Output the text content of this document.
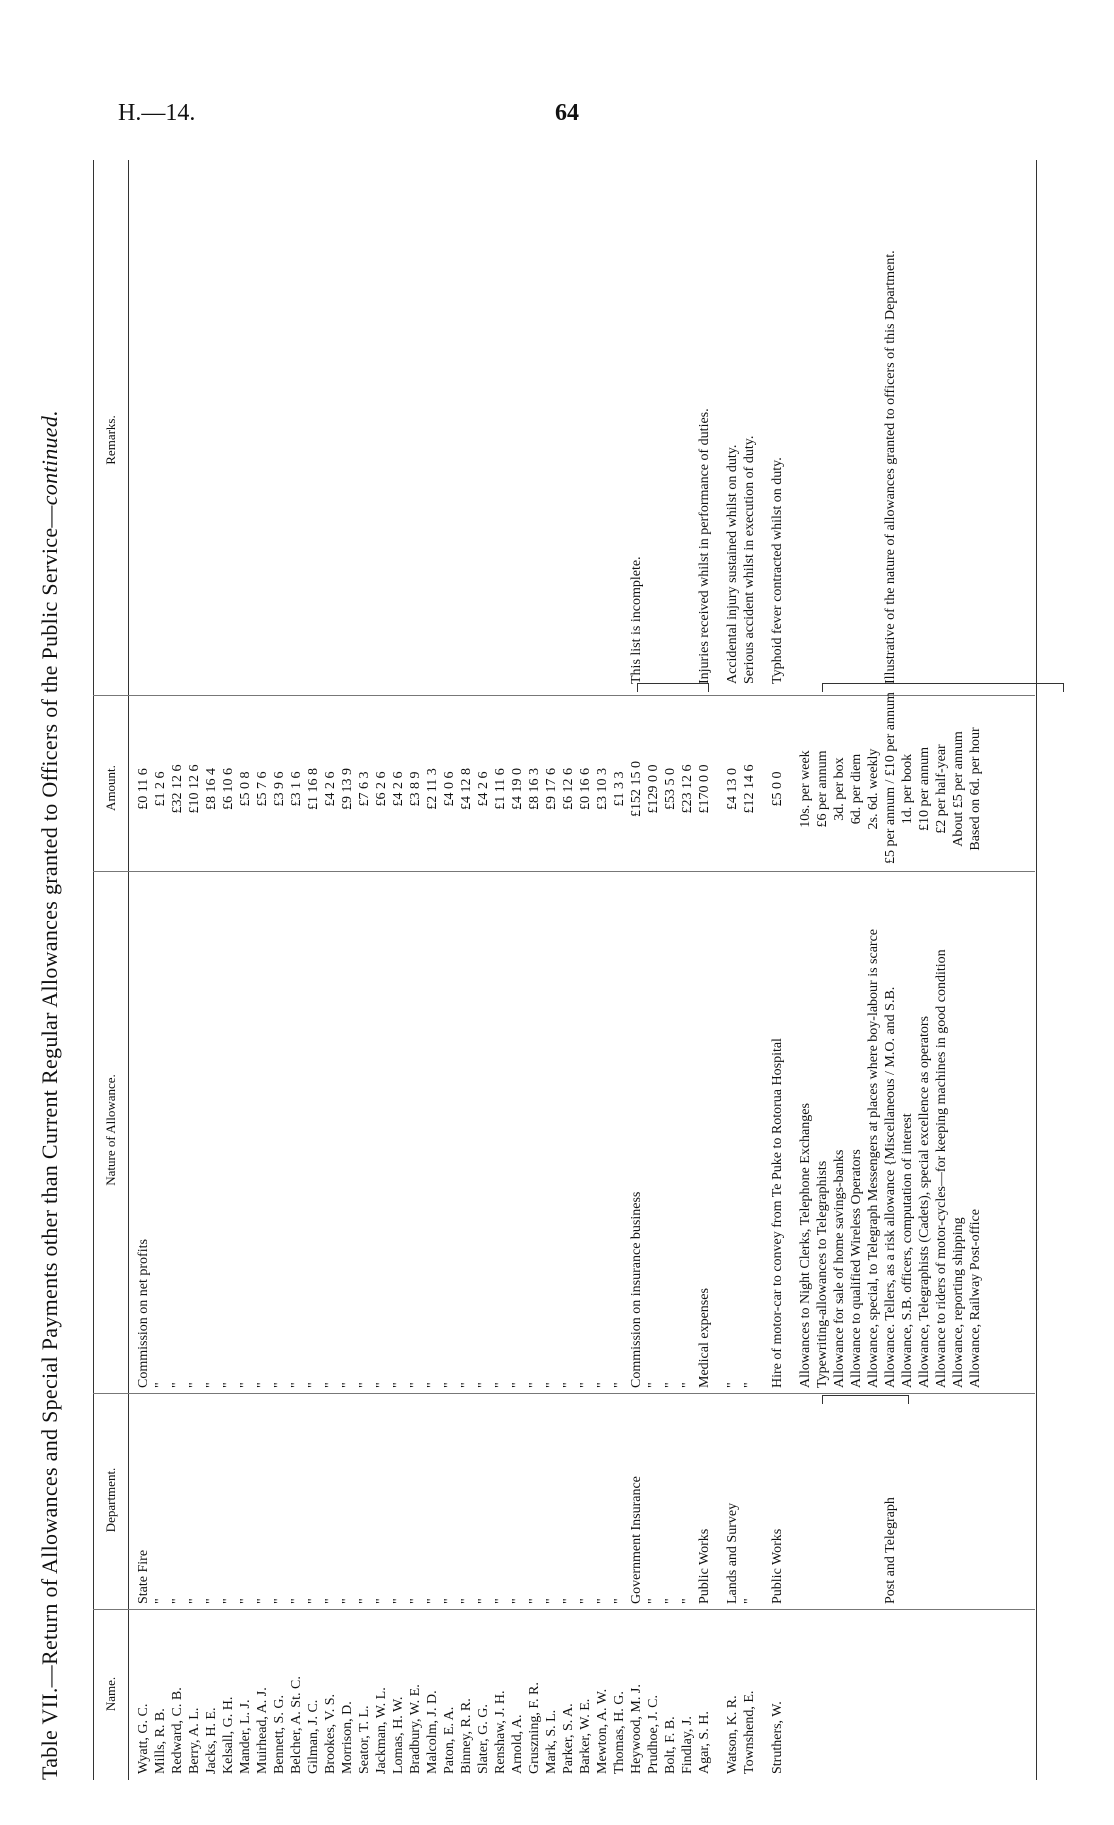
H.—14.	64
Table VII.—Return of Allowances and Special Payments other than Current Regular Allowances granted to Officers of the Public Service—continued.
Name.
Department.
Nature of Allowance.
Amount.
Remarks.
Wyatt, G. C.
State Fire
Commission on net profits
£0 11 6
Mills, R. B.
"
"
£1 2 6
Redward, C. B.
"
"
£32 12 6
Berry, A. L.
"
"
£10 12 6
Jacks, H. E.
"
"
£8 16 4
Kelsall, G. H.
"
"
£6 10 6
Mander, L. J.
"
"
£5 0 8
Muirhead, A. J.
"
"
£5 7 6
Bennett, S. G.
"
"
£3 9 6
Belcher, A. St. C.
"
"
£3 1 6
Gilman, J. C.
"
"
£1 16 8
Brookes, V. S.
"
"
£4 2 6
Morrison, D.
"
"
£9 13 9
Seator, T. L.
"
"
£7 6 3
Jackman, W. L.
"
"
£6 2 6
Lomas, H. W.
"
"
£4 2 6
Bradbury, W. E.
"
"
£3 8 9
Malcolm, J. D.
"
"
£2 11 3
Paton, E. A.
"
"
£4 0 6
Binney, R. R.
"
"
£4 12 8
Slater, G. G.
"
"
£4 2 6
Renshaw, J. H.
"
"
£1 11 6
Arnold, A.
"
"
£4 19 0
Gruszning, F. R.
"
"
£8 16 3
Mark, S. L.
"
"
£9 17 6
Parker, S. A.
"
"
£6 12 6
Barker, W. E.
"
"
£0 16 6
Mewton, A. W.
"
"
£3 10 3
Thomas, H. G.
"
"
£1 3 3
Heywood, M. J.
Government Insurance
Commission on insurance business
£152 15 0
This list is incomplete.
Prudhoe, J. C.
"
"
£129 0 0
Bolt, F. B.
"
"
£53 5 0
Findlay, J.
"
"
£23 12 6
Agar, S. H.
Public Works
Medical expenses
£170 0 0
Injuries received whilst in performance of duties.
Watson, K. R.
Lands and Survey
"
£4 13 0
Accidental injury sustained whilst on duty.
Townshend, E.
"
"
£12 14 6
Serious accident whilst in execution of duty.
Struthers, W.
Public Works
Hire of motor-car to convey from Te Puke to Rotorua Hospital
£5 0 0
Typhoid fever contracted whilst on duty.
Allowances to Night Clerks, Telephone Exchanges
10s. per week
Typewriting-allowances to Telegraphists
£6 per annum
Allowance for sale of home savings-banks
3d. per box
Allowance to qualified Wireless Operators
6d. per diem
Allowance, special, to Telegraph Messengers at places where boy-labour is scarce
2s. 6d. weekly
Post and Telegraph
Allowance. Tellers, as a risk allowance {Miscellaneous / M.O. and S.B.
£5 per annum / £10 per annum
Illustrative of the nature of allowances granted to officers of this Department.
Allowance, S.B. officers, computation of interest
1d. per book
Allowance, Telegraphists (Cadets), special excellence as operators
£10 per annum
Allowance to riders of motor-cycles—for keeping machines in good condition
£2 per half-year
Allowance, reporting shipping
About £5 per annum
Allowance, Railway Post-office
Based on 6d. per hour
